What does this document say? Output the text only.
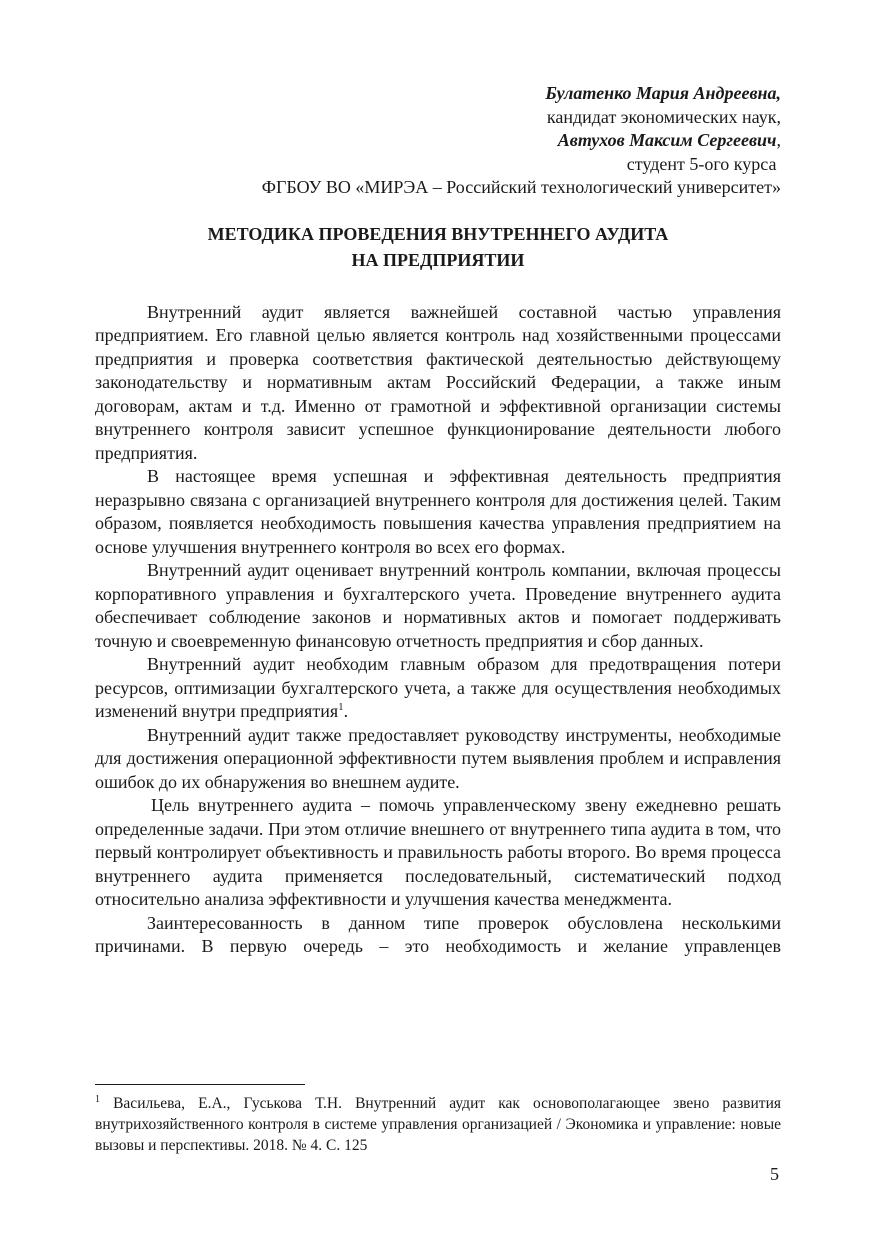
Булатенко Мария Андреевна,
кандидат экономических наук,
Автухов Максим Сергеевич,
студент 5-ого курса
ФГБОУ ВО «МИРЭА – Российский технологический университет»
МЕТОДИКА ПРОВЕДЕНИЯ ВНУТРЕННЕГО АУДИТА
НА ПРЕДПРИЯТИИ

Внутренний аудит является важнейшей составной частью управления предприятием. Его главной целью является контроль над хозяйственными процессами предприятия и проверка соответствия фактической деятельностью действующему законодательству и нормативным актам Российский Федерации, а также иным договорам, актам и т.д. Именно от грамотной и эффективной организации системы внутреннего контроля зависит успешное функционирование деятельности любого предприятия.

В настоящее время успешная и эффективная деятельность предприятия неразрывно связана с организацией внутреннего контроля для достижения целей. Таким образом, появляется необходимость повышения качества управления предприятием на основе улучшения внутреннего контроля во всех его формах.

Внутренний аудит оценивает внутренний контроль компании, включая процессы корпоративного управления и бухгалтерского учета. Проведение внутреннего аудита обеспечивает соблюдение законов и нормативных актов и помогает поддерживать точную и своевременную финансовую отчетность предприятия и сбор данных.

Внутренний аудит необходим главным образом для предотвращения потери ресурсов, оптимизации бухгалтерского учета, а также для осуществления необходимых изменений внутри предприятия$^1$.

Внутренний аудит также предоставляет руководству инструменты, необходимые для достижения операционной эффективности путем выявления проблем и исправления ошибок до их обнаружения во внешнем аудите.

Цель внутреннего аудита – помочь управленческому звену ежедневно решать определенные задачи. При этом отличие внешнего от внутреннего типа аудита в том, что первый контролирует объективность и правильность работы второго. Во время процесса внутреннего аудита применяется последовательный, систематический подход относительно анализа эффективности и улучшения качества менеджмента.

Заинтересованность в данном типе проверок обусловлена несколькими причинами. В первую очередь – это необходимость и желание управленцев

$^1$ Васильева, Е.А., Гуськова Т.Н. Внутренний аудит как основополагающее звено развития внутрихозяйственного контроля в системе управления организацией / Экономика и управление: новые вызовы и перспективы. 2018. № 4. С. 125
5
